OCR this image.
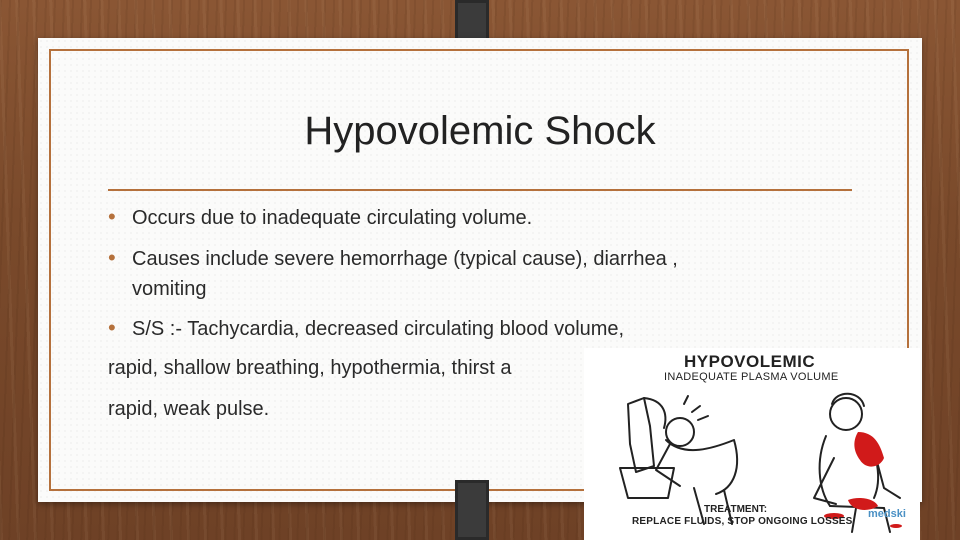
Hypovolemic Shock
• Occurs due to inadequate circulating volume.
• Causes include severe hemorrhage (typical cause), diarrhea ,
vomiting
• S/S :- Tachycardia, decreased circulating blood volume,
rapid, shallow breathing, hypothermia, thirst a
rapid, weak pulse.
HYPOVOLEMIC
INADEQUATE PLASMA VOLUME
TREATMENT:
REPLACE FLUIDS, STOP ONGOING LOSSES
medski
